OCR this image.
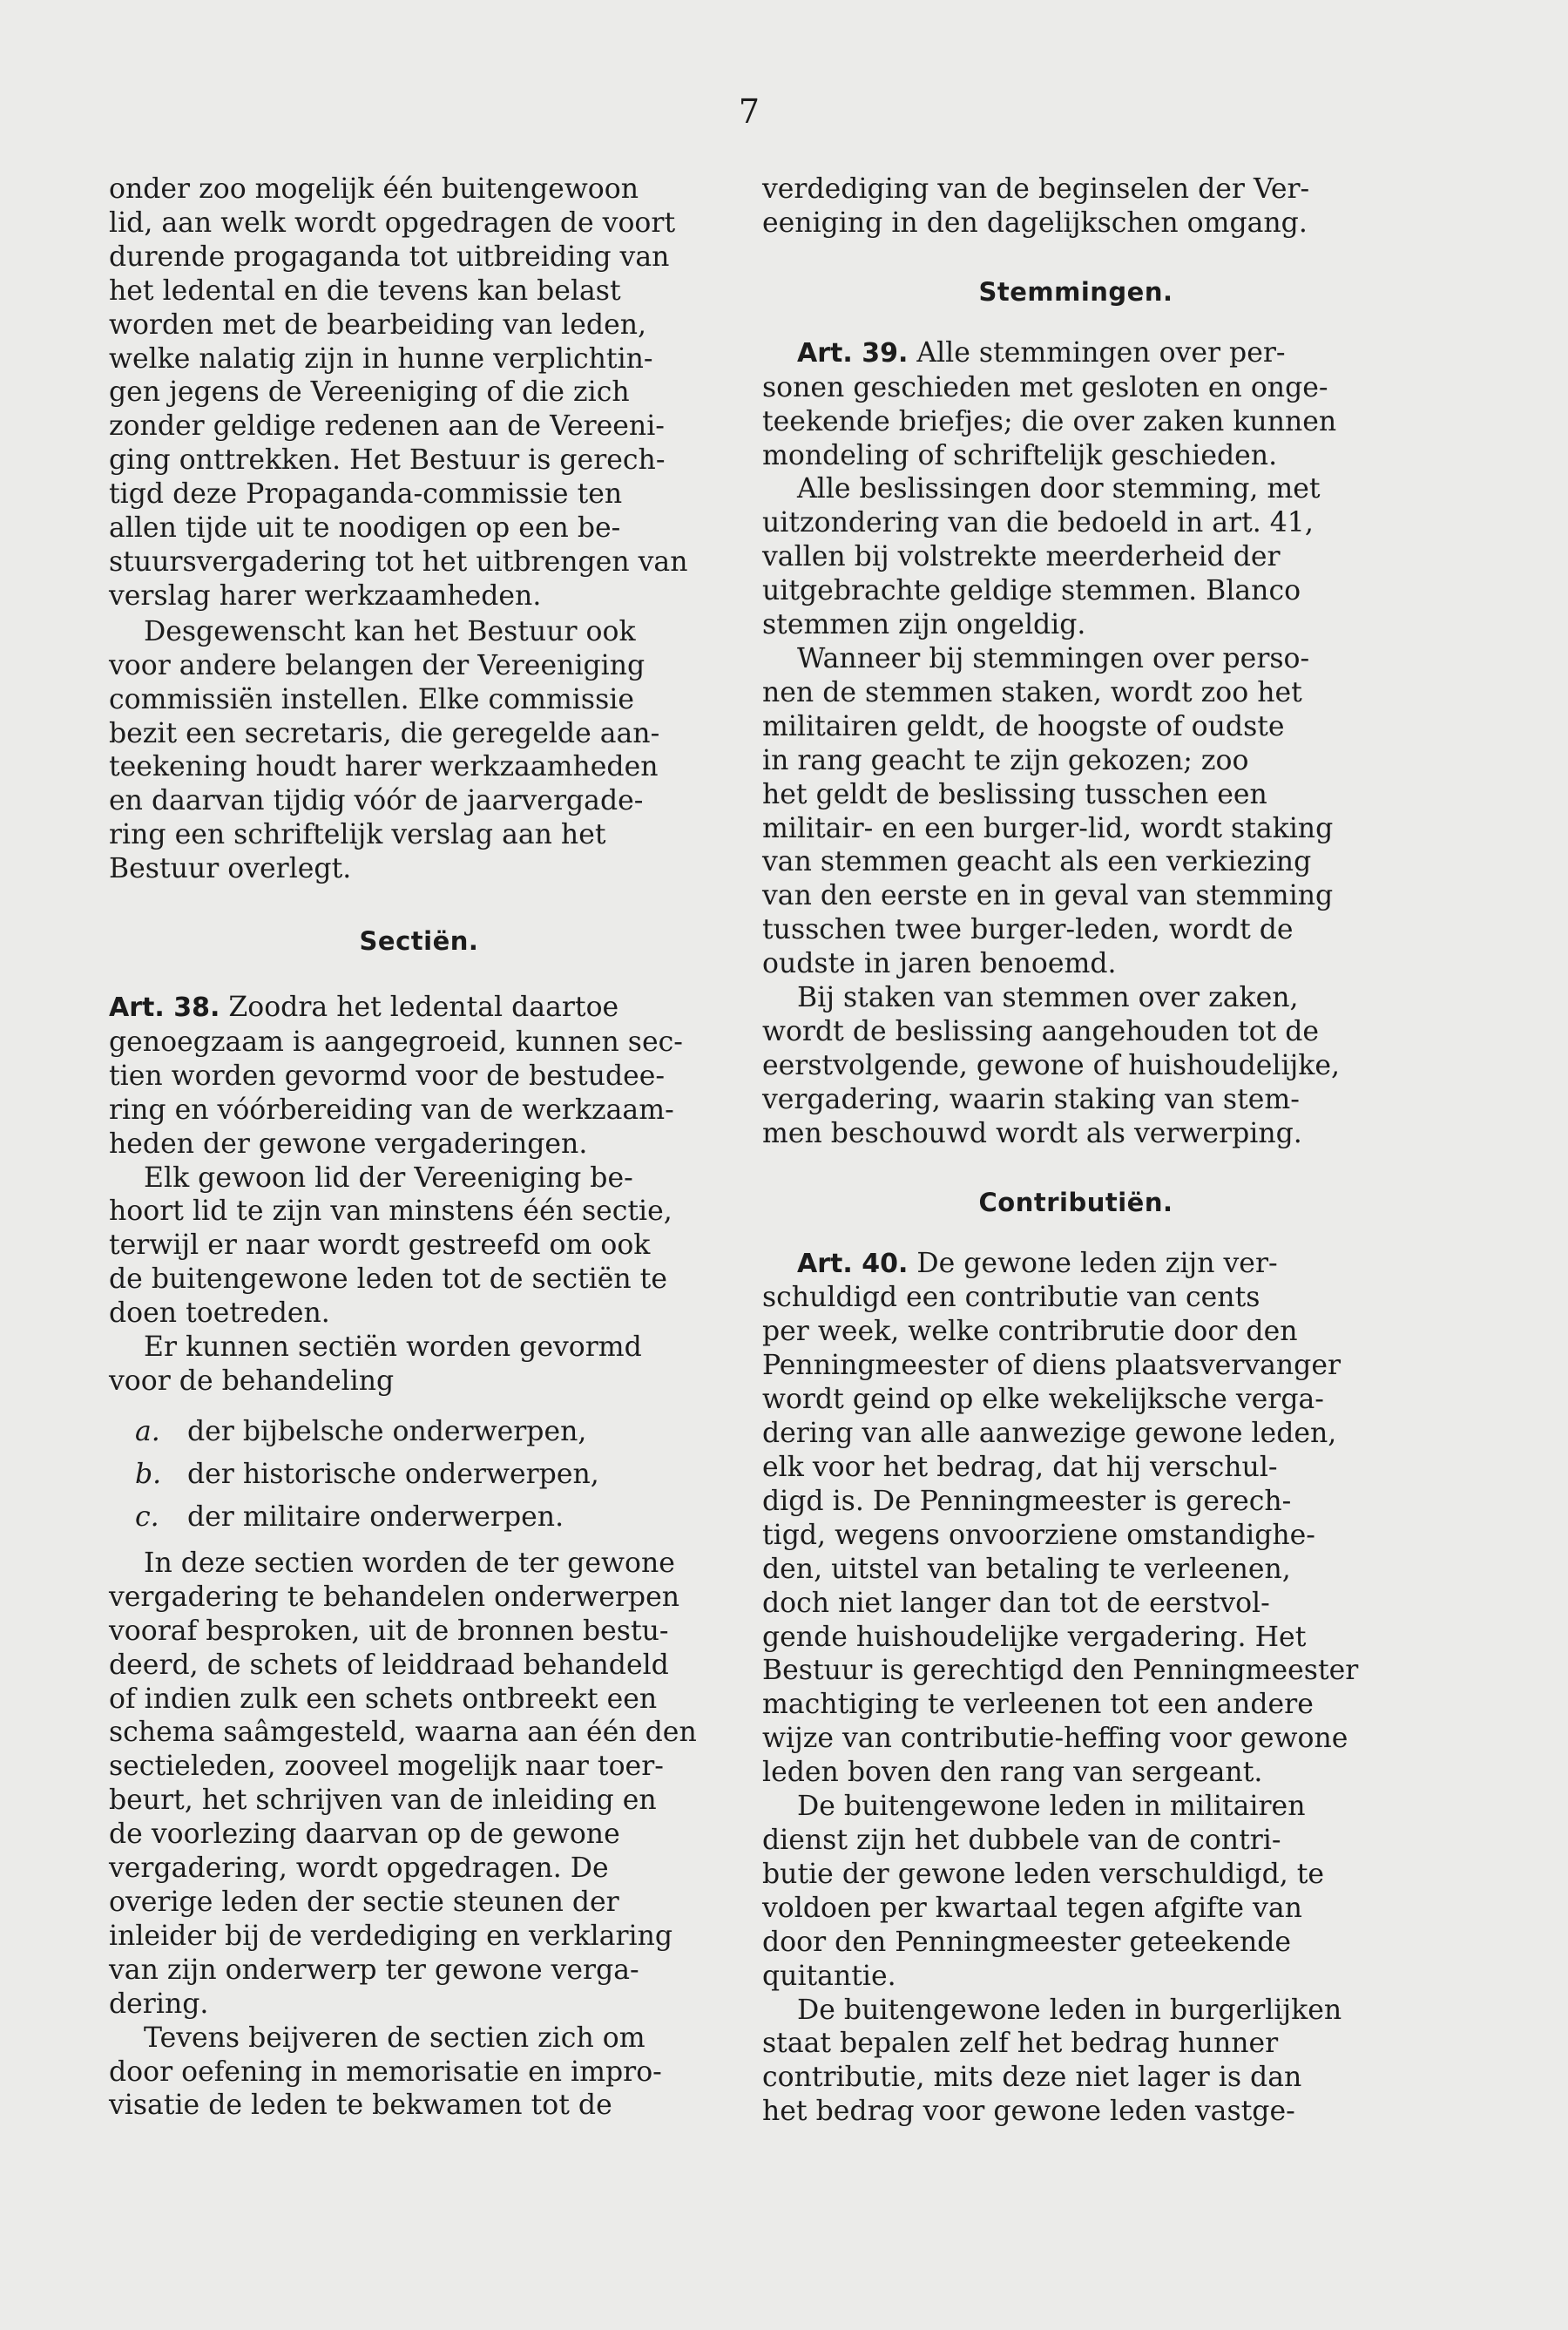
7

onder zoo mogelijk één buitengewoon
lid, aan welk wordt opgedragen de voort
durende progaganda tot uitbreiding van
het ledental en die tevens kan belast
worden met de bearbeiding van leden,
welke nalatig zijn in hunne verplichtin-
gen jegens de Vereeniging of die zich
zonder geldige redenen aan de Vereeni-
ging onttrekken. Het Bestuur is gerech-
tigd deze Propaganda-commissie ten
allen tijde uit te noodigen op een be-
stuursvergadering tot het uitbrengen van
verslag harer werkzaamheden.

Desgewenscht kan het Bestuur ook
voor andere belangen der Vereeniging
commissiën instellen. Elke commissie
bezit een secretaris, die geregelde aan-
teekening houdt harer werkzaamheden
en daarvan tijdig vóór de jaarvergade-
ring een schriftelijk verslag aan het
Bestuur overlegt.

Sectiën.

Art. 38. Zoodra het ledental daartoe
genoegzaam is aangegroeid, kunnen sec-
tien worden gevormd voor de bestudee-
ring en vóórbereiding van de werkzaam-
heden der gewone vergaderingen.

Elk gewoon lid der Vereeniging be-
hoort lid te zijn van minstens één sectie,
terwijl er naar wordt gestreefd om ook
de buitengewone leden tot de sectiën te
doen toetreden.

Er kunnen sectiën worden gevormd
voor de behandeling

a. der bijbelsche onderwerpen,
b. der historische onderwerpen,
c.	der militaire onderwerpen.

In deze sectien worden de ter gewone
vergadering te behandelen onderwerpen
vooraf besproken, uit de bronnen bestu-
deerd, de schets of leiddraad behandeld
of indien zulk een schets ontbreekt een
schema saâmgesteld, waarna aan één den
sectieleden, zooveel mogelijk naar toer-
beurt, het schrijven van de inleiding en
de voorlezing daarvan op de gewone
vergadering, wordt opgedragen. De
overige leden der sectie steunen der
inleider bij de verdediging en verklaring
van zijn onderwerp ter gewone verga-
dering.

Tevens beijveren de sectien zich om
door oefening in memorisatie en impro-
visatie de leden te bekwamen tot de

verdediging van de beginselen der Ver-
eeniging in den dagelijkschen omgang.

Stemmingen.

Art. 39. Alle stemmingen over per-
sonen geschieden met gesloten en onge-
teekende briefjes; die over zaken kunnen
mondeling of schriftelijk geschieden.

Alle beslissingen door stemming, met
uitzondering van die bedoeld in art. 41,
vallen bij volstrekte meerderheid der
uitgebrachte geldige stemmen. Blanco
stemmen zijn ongeldig.

Wanneer bij stemmingen over perso-
nen de stemmen staken, wordt zoo het
militairen geldt, de hoogste of oudste
in rang geacht te zijn gekozen; zoo
het geldt de beslissing tusschen een
militair- en een burger-lid, wordt staking
van stemmen geacht als een verkiezing
van den eerste en in geval van stemming
tusschen twee burger-leden, wordt de
oudste in jaren benoemd.

Bij staken van stemmen over zaken,
wordt de beslissing aangehouden tot de
eerstvolgende, gewone of huishoudelijke,
vergadering, waarin staking van stem-
men beschouwd wordt als verwerping.

Contributiën.

Art. 40. De gewone leden zijn ver-
schuldigd een contributie van cents
per week, welke contribrutie door den
Penningmeester of diens plaatsvervanger
wordt geind op elke wekelijksche verga-
dering van alle aanwezige gewone leden,
elk voor het bedrag, dat hij verschul-
digd is. De Penningmeester is gerech-
tigd, wegens onvoorziene omstandighe-
den, uitstel van betaling te verleenen,
doch niet langer dan tot de eerstvol-
gende huishoudelijke vergadering. Het
Bestuur is gerechtigd den Penningmeester
machtiging te verleenen tot een andere
wijze van contributie-heffing voor gewone
leden boven den rang van sergeant.

De buitengewone leden in militairen
dienst zijn het dubbele van de contri-
butie der gewone leden verschuldigd, te
voldoen per kwartaal tegen afgifte van
door den Penningmeester geteekende
quitantie.

De buitengewone leden in burgerlijken
staat bepalen zelf het bedrag hunner
contributie, mits deze niet lager is dan
het bedrag voor gewone leden vastge-
